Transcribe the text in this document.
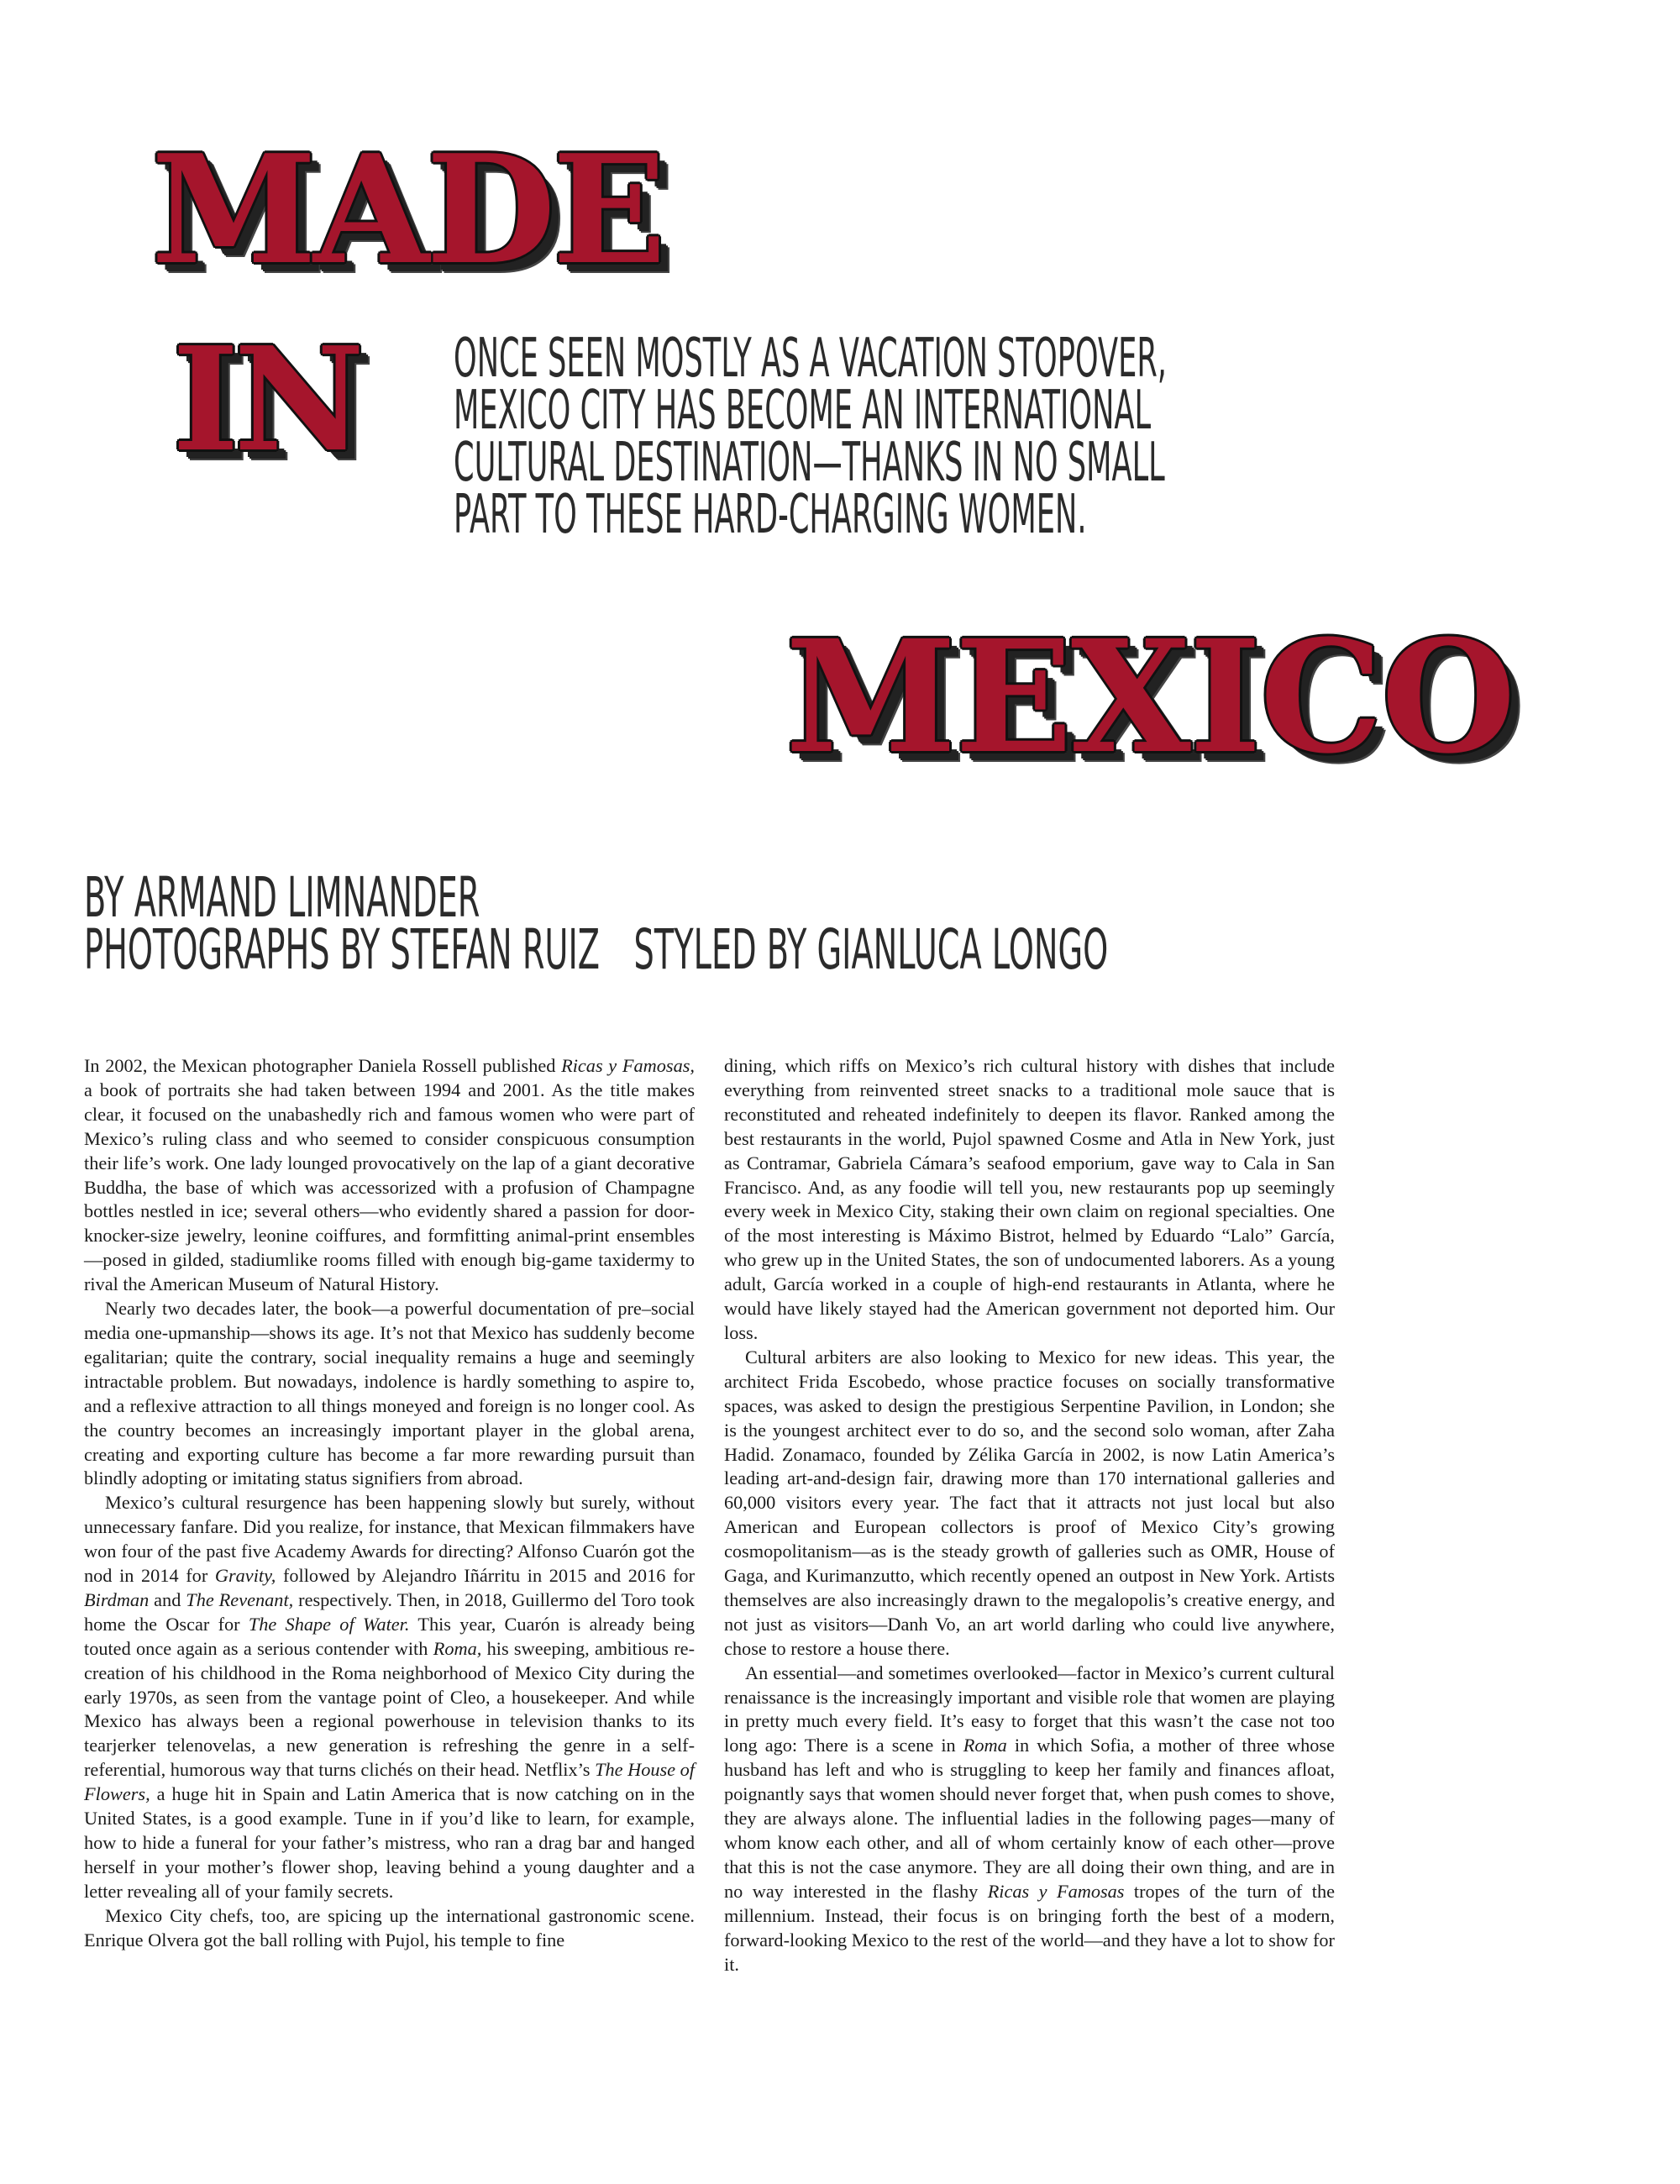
MADE
IN
MEXICO
ONCE SEEN MOSTLY AS A VACATION STOPOVER,
MEXICO CITY HAS BECOME AN INTERNATIONAL
CULTURAL DESTINATION—THANKS IN NO SMALL
PART TO THESE HARD-CHARGING WOMEN.
BY ARMAND LIMNANDER
PHOTOGRAPHS BY STEFAN RUIZ STYLED BY GIANLUCA LONGO

In 2002, the Mexican photographer Daniela Rossell published Ricas y Famosas, a book of portraits she had taken between 1994 and 2001. As the title makes clear, it focused on the unabashedly rich and famous women who were part of Mexico’s ruling class and who seemed to consider conspicuous consumption their life’s work. One lady lounged provocatively on the lap of a giant decorative Buddha, the base of which was accessorized with a profusion of Champagne bottles nestled in ice; several others—who evidently shared a passion for door-knocker-size jewelry, leonine coiffures, and formfitting animal-print ensembles—posed in gilded, stadiumlike rooms filled with enough big-game taxidermy to rival the American Museum of Natural History.

Nearly two decades later, the book—a powerful documentation of pre–social media one-upmanship—shows its age. It’s not that Mexico has suddenly become egalitarian; quite the contrary, social inequality remains a huge and seemingly intractable problem. But nowadays, indolence is hardly something to aspire to, and a reflexive attraction to all things moneyed and foreign is no longer cool. As the country becomes an increasingly important player in the global arena, creating and exporting culture has become a far more rewarding pursuit than blindly adopting or imitating status signifiers from abroad.

Mexico’s cultural resurgence has been happening slowly but surely, without unnecessary fanfare. Did you realize, for instance, that Mexican filmmakers have won four of the past five Academy Awards for directing? Alfonso Cuarón got the nod in 2014 for Gravity, followed by Alejandro Iñárritu in 2015 and 2016 for Birdman and The Revenant, respectively. Then, in 2018, Guillermo del Toro took home the Oscar for The Shape of Water. This year, Cuarón is already being touted once again as a serious contender with Roma, his sweeping, ambitious re-creation of his childhood in the Roma neighborhood of Mexico City during the early 1970s, as seen from the vantage point of Cleo, a housekeeper. And while Mexico has always been a regional powerhouse in television thanks to its tearjerker telenovelas, a new generation is refreshing the genre in a self-referential, humorous way that turns clichés on their head. Netflix’s The House of Flowers, a huge hit in Spain and Latin America that is now catching on in the United States, is a good example. Tune in if you’d like to learn, for example, how to hide a funeral for your father’s mistress, who ran a drag bar and hanged herself in your mother’s flower shop, leaving behind a young daughter and a letter revealing all of your family secrets.

Mexico City chefs, too, are spicing up the international gastronomic scene. Enrique Olvera got the ball rolling with Pujol, his temple to fine

dining, which riffs on Mexico’s rich cultural history with dishes that include everything from reinvented street snacks to a traditional mole sauce that is reconstituted and reheated indefinitely to deepen its flavor. Ranked among the best restaurants in the world, Pujol spawned Cosme and Atla in New York, just as Contramar, Gabriela Cámara’s seafood emporium, gave way to Cala in San Francisco. And, as any foodie will tell you, new restaurants pop up seemingly every week in Mexico City, staking their own claim on regional specialties. One of the most interesting is Máximo Bistrot, helmed by Eduardo “Lalo” García, who grew up in the United States, the son of undocumented laborers. As a young adult, García worked in a couple of high-end restaurants in Atlanta, where he would have likely stayed had the American government not deported him. Our loss.

Cultural arbiters are also looking to Mexico for new ideas. This year, the architect Frida Escobedo, whose practice focuses on socially transformative spaces, was asked to design the prestigious Serpentine Pavilion, in London; she is the youngest architect ever to do so, and the second solo woman, after Zaha Hadid. Zonamaco, founded by Zélika García in 2002, is now Latin America’s leading art-and-design fair, drawing more than 170 international galleries and 60,000 visitors every year. The fact that it attracts not just local but also American and European collectors is proof of Mexico City’s growing cosmopolitanism—as is the steady growth of galleries such as OMR, House of Gaga, and Kurimanzutto, which recently opened an outpost in New York. Artists themselves are also increasingly drawn to the megalopolis’s creative energy, and not just as visitors—Danh Vo, an art world darling who could live anywhere, chose to restore a house there.

An essential—and sometimes overlooked—factor in Mexico’s current cultural renaissance is the increasingly important and visible role that women are playing in pretty much every field. It’s easy to forget that this wasn’t the case not too long ago: There is a scene in Roma in which Sofia, a mother of three whose husband has left and who is struggling to keep her family and finances afloat, poignantly says that women should never forget that, when push comes to shove, they are always alone. The influential ladies in the following pages—many of whom know each other, and all of whom certainly know of each other—prove that this is not the case anymore. They are all doing their own thing, and are in no way interested in the flashy Ricas y Famosas tropes of the turn of the millennium. Instead, their focus is on bringing forth the best of a modern, forward-looking Mexico to the rest of the world—and they have a lot to show for it.
